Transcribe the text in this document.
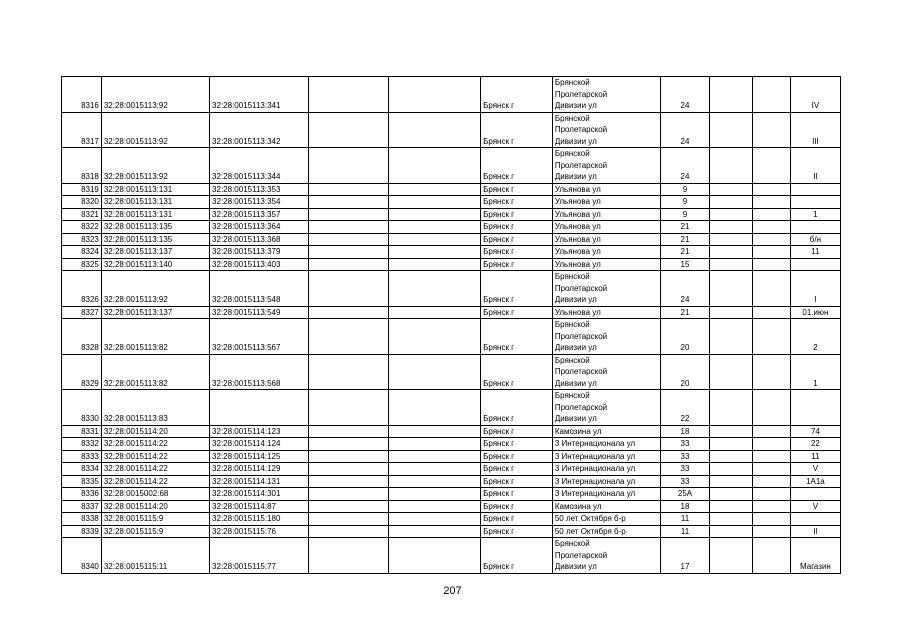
8316	32:28:0015113:92	32:28:0015113:341			Брянск г	Брянской
Пролетарской
Дивизии ул	24			IV
8317	32:28:0015113:92	32:28:0015113:342			Брянск г	Брянской
Пролетарской
Дивизии ул	24			III
8318	32:28:0015113:92	32:28:0015113:344			Брянск г	Брянской
Пролетарской
Дивизии ул	24			II
8319	32:28:0015113:131	32:28:0015113:353			Брянск г	Ульянова ул	9			
8320	32:28:0015113:131	32:28:0015113:354			Брянск г	Ульянова ул	9			
8321	32:28:0015113:131	32:28:0015113:357			Брянск г	Ульянова ул	9			1
8322	32:28:0015113:135	32:28:0015113:364			Брянск г	Ульянова ул	21			
8323	32:28:0015113:135	32:28:0015113:368			Брянск г	Ульянова ул	21			б/н
8324	32:28:0015113:137	32:28:0015113:379			Брянск г	Ульянова ул	21			11
8325	32:28:0015113:140	32:28:0015113:403			Брянск г	Ульянова ул	15			
8326	32:28:0015113:92	32:28:0015113:548			Брянск г	Брянской
Пролетарской
Дивизии ул	24			I
8327	32:28:0015113:137	32:28:0015113:549			Брянск г	Ульянова ул	21			01.июн
8328	32:28:0015113:82	32:28:0015113:567			Брянск г	Брянской
Пролетарской
Дивизии ул	20			2
8329	32:28:0015113:82	32:28:0015113:568			Брянск г	Брянской
Пролетарской
Дивизии ул	20			1
8330	32:28:0015113:83				Брянск г	Брянской
Пролетарской
Дивизии ул	22			
8331	32:28:0015114:20	32:28:0015114:123			Брянск г	Камозина ул	18			74
8332	32:28:0015114:22	32:28:0015114:124			Брянск г	3 Интернационала ул	33			22
8333	32:28:0015114:22	32:28:0015114:125			Брянск г	3 Интернационала ул	33			11
8334	32:28:0015114:22	32:28:0015114:129			Брянск г	3 Интернационала ул	33			V
8335	32:28:0015114:22	32:28:0015114:131			Брянск г	3 Интернационала ул	33			1А1а
8336	32:28:0015002:68	32:28:0015114:301			Брянск г	3 Интернационала ул	25А			
8337	32:28:0015114:20	32:28:0015114:87			Брянск г	Камозина ул	18			V
8338	32:28:0015115:9	32:28:0015115:180			Брянск г	50 лет Октября б-р	11			
8339	32:28:0015115:9	32:28:0015115:76			Брянск г	50 лет Октября б-р	11			II
8340	32:28:0015115:11	32:28:0015115:77			Брянск г	Брянской
Пролетарской
Дивизии ул	17			Магазин
207
